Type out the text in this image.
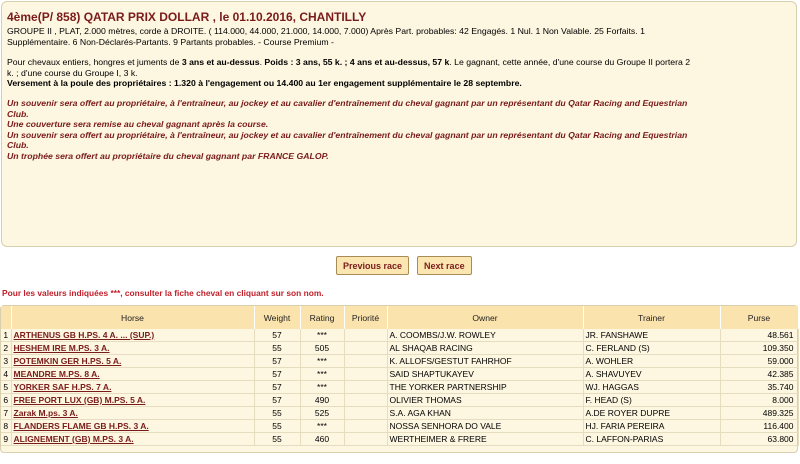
4ème(P/ 858) QATAR PRIX DOLLAR , le 01.10.2016, CHANTILLY

GROUPE II , PLAT, 2.000 mètres, corde à DROITE. ( 114.000, 44.000, 21.000, 14.000, 7.000) Après Part. probables: 42 Engagés. 1 Nul. 1 Non Valable. 25 Forfaits. 1

Supplémentaire. 6 Non-Déclarés-Partants. 9 Partants probables. - Course Premium -

Pour chevaux entiers, hongres et juments de 3 ans et au-dessus. Poids : 3 ans, 55 k. ; 4 ans et au-dessus, 57 k. Le gagnant, cette année, d'une course du Groupe II portera 2

k. ; d'une course du Groupe I, 3 k.

Versement à la poule des propriétaires : 1.320 à l'engagement ou 14.400 au 1er engagement supplémentaire le 28 septembre.

Un souvenir sera offert au propriétaire, à l'entraîneur, au jockey et au cavalier d'entraînement du cheval gagnant par un représentant du Qatar Racing and Equestrian

Club.

Une couverture sera remise au cheval gagnant après la course.

Un souvenir sera offert au propriétaire, à l'entraîneur, au jockey et au cavalier d'entraînement du cheval gagnant par un représentant du Qatar Racing and Equestrian

Club.

Un trophée sera offert au propriétaire du cheval gagnant par FRANCE GALOP.

Previous race	Next race
Pour les valeurs indiquées ***, consulter la fiche cheval en cliquant sur son nom.
	Horse	Weight	Rating	Priorité	Owner	Trainer	Purse
1	ARTHENUS GB H.PS. 4 A. ... (SUP.)	57	***		A. COOMBS/J.W. ROWLEY	JR. FANSHAWE	48.561
2	HESHEM IRE M.PS. 3 A.	55	505		AL SHAQAB RACING	C. FERLAND (S)	109.350
3	POTEMKIN GER H.PS. 5 A.	57	***		K. ALLOFS/GESTUT FAHRHOF	A. WOHLER	59.000
4	MEANDRE M.PS. 8 A.	57	***		SAID SHAPTUKAYEV	A. SHAVUYEV	42.385
5	YORKER SAF H.PS. 7 A.	57	***		THE YORKER PARTNERSHIP	WJ. HAGGAS	35.740
6	FREE PORT LUX (GB) M.PS. 5 A.	57	490		OLIVIER THOMAS	F. HEAD (S)	8.000
7	Zarak M.ps. 3 A.	55	525		S.A. AGA KHAN	A.DE ROYER DUPRE	489.325
8	FLANDERS FLAME GB H.PS. 3 A.	55	***		NOSSA SENHORA DO VALE	HJ. FARIA PEREIRA	116.400
9	ALIGNEMENT (GB) M.PS. 3 A.	55	460		WERTHEIMER & FRERE	C. LAFFON-PARIAS	63.800
